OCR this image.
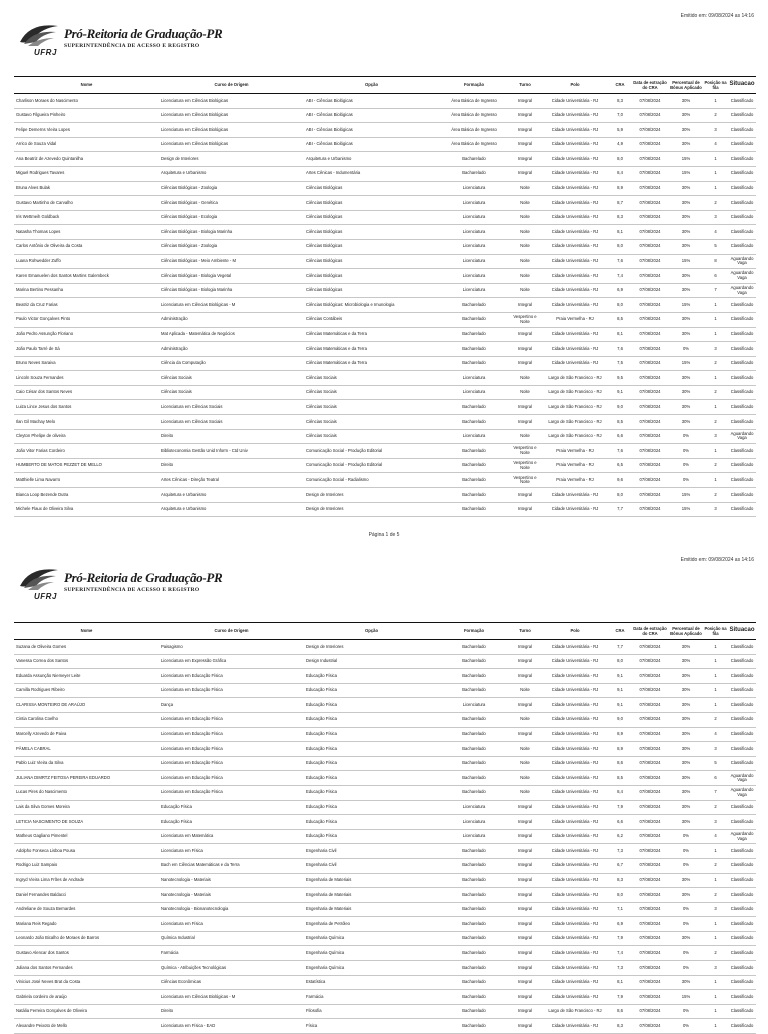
Emitido em: 09/08/2024 as 14:16
UFRJ
Pró-Reitoria de Graduação-PR
SUPERINTENDÊNCIA DE ACESSO E REGISTRO
Nome	Curso de Origem	Opção	Formação	Turno	Polo	CRA	Data de extração do CRA	Percentual de Bônus Aplicado	Posição na fila	Situacao
Charlison Moraes do Nascimento	Licenciatura em Ciências Biológicas	ABI - Ciências Biológicas	Área Básica de Ingresso	Integral	Cidade Universitária - RJ	8,3	07/08/2024	30%	1	Classificado
Gustavo Filgueira Pinheiro	Licenciatura em Ciências Biológicas	ABI - Ciências Biológicas	Área Básica de Ingresso	Integral	Cidade Universitária - RJ	7,0	07/08/2024	30%	2	Classificado
Felipe Demerns Vieira Lopes	Licenciatura em Ciências Biológicas	ABI - Ciências Biológicas	Área Básica de Ingresso	Integral	Cidade Universitária - RJ	5,9	07/08/2024	30%	3	Classificado
Arrico de Souza Vidal	Licenciatura em Ciências Biológicas	ABI - Ciências Biológicas	Área Básica de Ingresso	Integral	Cidade Universitária - RJ	4,9	07/08/2024	30%	4	Classificado
Ana Beatriz de Azevedo Quintanilha	Design de Interiores	Arquitetura e Urbanismo	Bacharelado	Integral	Cidade Universitária - RJ	8,0	07/08/2024	15%	1	Classificado
Miguel Rodrigues Tavares	Arquitetura e Urbanismo	Artes Cênicas - Indumentária	Bacharelado	Integral	Cidade Universitária - RJ	8,4	07/08/2024	15%	1	Classificado
Bruna Alves Bulak	Ciências Biológicas - Zoologia	Ciências Biológicas	Licenciatura	Noite	Cidade Universitária - RJ	8,9	07/08/2024	30%	1	Classificado
Gustavo Martinho de Carvalho	Ciências Biológicas - Genética	Ciências Biológicas	Licenciatura	Noite	Cidade Universitária - RJ	8,7	07/08/2024	30%	2	Classificado
Iris Wettmeih Goldback	Ciências Biológicas - Ecologia	Ciências Biológicas	Licenciatura	Noite	Cidade Universitária - RJ	8,3	07/08/2024	30%	3	Classificado
Natasha Thomas Lopes	Ciências Biológicas - Biologia Marinha	Ciências Biológicas	Licenciatura	Noite	Cidade Universitária - RJ	8,1	07/08/2024	30%	4	Classificado
Carlos Antônio de Oliveira da Costa	Ciências Biológicas - Zoologia	Ciências Biológicas	Licenciatura	Noite	Cidade Universitária - RJ	8,0	07/08/2024	30%	5	Classificado
Luana Rohwedder Zuffo	Ciências Biológicas - Meio Ambiente - M	Ciências Biológicas	Licenciatura	Noite	Cidade Universitária - RJ	7,6	07/08/2024	15%	8	Aguardando Vaga
Karen Emanuelen dos Santos Martins Galembeck	Ciências Biológicas - Biologia Vegetal	Ciências Biológicas	Licenciatura	Noite	Cidade Universitária - RJ	7,4	07/08/2024	30%	6	Aguardando Vaga
Marina Bertino Pessanha	Ciências Biológicas - Biologia Marinha	Ciências Biológicas	Licenciatura	Noite	Cidade Universitária - RJ	6,9	07/08/2024	30%	7	Aguardando Vaga
Beatriz da Cruz Farias	Licenciatura em Ciências Biológicas - M	Ciências Biológicas: Microbiologia e Imunologia	Bacharelado	Integral	Cidade Universitária - RJ	8,0	07/08/2024	15%	1	Classificado
Paulo Victor Gonçalves Pinto	Administração	Ciências Contábeis	Bacharelado	Vespertino e Noite	Praia Vermelha - RJ	8,5	07/08/2024	30%	1	Classificado
João Pedro Assunção Floriano	Mat Aplicada - Matemática de Negócios	Ciências Matemáticas e da Terra	Bacharelado	Integral	Cidade Universitária - RJ	8,1	07/08/2024	30%	1	Classificado
João Paulo Tarré de Sá	Administração	Ciências Matemáticas e da Terra	Bacharelado	Integral	Cidade Universitária - RJ	7,6	07/08/2024	0%	3	Classificado
Bruno Neves Saraiva	Ciência da Computação	Ciências Matemáticas e da Terra	Bacharelado	Integral	Cidade Universitária - RJ	7,5	07/08/2024	15%	2	Classificado
Lincoln Souza Fernandes	Ciências Sociais	Ciências Sociais	Licenciatura	Noite	Largo de São Francisco - RJ	9,5	07/08/2024	30%	1	Classificado
Caio César dos Santos Neves	Ciências Sociais	Ciências Sociais	Licenciatura	Noite	Largo de São Francisco - RJ	9,1	07/08/2024	30%	2	Classificado
Luiza Lince Jesus dos Santos	Licenciatura em Ciências Sociais	Ciências Sociais	Bacharelado	Integral	Largo de São Francisco - RJ	9,0	07/08/2024	30%	1	Classificado
Ilan Gil Machay Melo	Licenciatura em Ciências Sociais	Ciências Sociais	Bacharelado	Integral	Largo de São Francisco - RJ	8,5	07/08/2024	30%	2	Classificado
Cleyton Phelipe de oliveira	Direito	Ciências Sociais	Licenciatura	Noite	Largo de São Francisco - RJ	6,6	07/08/2024	0%	3	Aguardando Vaga
João Vitor Farias Cordeiro	Biblioteconomia Gestão Unid Inform - Ctd Univ	Comunicação Social - Produção Editorial	Bacharelado	Vespertino e Noite	Praia Vermelha - RJ	7,6	07/08/2024	0%	1	Classificado
HUMBERTO DE MATOS PEZZET DE MELLO	Direito	Comunicação Social - Produção Editorial	Bacharelado	Vespertino e Noite	Praia Vermelha - RJ	6,5	07/08/2024	0%	2	Classificado
Matthielle Lima Navarro	Artes Cênicas - Direção Teatral	Comunicação Social - Radialismo	Bacharelado	Vespertino e Noite	Praia Vermelha - RJ	9,6	07/08/2024	0%	1	Classificado
Bianca Loop Bezende Dutra	Arquitetura e Urbanismo	Design de Interiores	Bacharelado	Integral	Cidade Universitária - RJ	8,0	07/08/2024	15%	2	Classificado
Michele Flaux de Oliveira Silva	Arquitetura e Urbanismo	Design de Interiores	Bacharelado	Integral	Cidade Universitária - RJ	7,7	07/08/2024	15%	3	Classificado
Página 1 de 5
Emitido em: 09/08/2024 as 14:16
UFRJ
Pró-Reitoria de Graduação-PR
SUPERINTENDÊNCIA DE ACESSO E REGISTRO
Nome	Curso de Origem	Opção	Formação	Turno	Polo	CRA	Data de extração do CRA	Percentual de Bônus Aplicado	Posição na fila	Situacao
Suzana de Oliveira Gomes	Paisagismo	Design de Interiores	Bacharelado	Integral	Cidade Universitária - RJ	7,7	07/08/2024	30%	1	Classificado
Vanessa Correa dos Santos	Licenciatura em Expressão Gráfica	Design Industrial	Bacharelado	Integral	Cidade Universitária - RJ	8,0	07/08/2024	30%	1	Classificado
Eduarda Assunção Niemeyer Leite	Licenciatura em Educação Física	Educação Física	Bacharelado	Integral	Cidade Universitária - RJ	9,1	07/08/2024	30%	1	Classificado
Camilla Rodrigues Ribeiro	Licenciatura em Educação Física	Educação Física	Bacharelado	Noite	Cidade Universitária - RJ	9,1	07/08/2024	30%	1	Classificado
CLARISSA MONTEIRO DE ARAÚJO	Dança	Educação Física	Licenciatura	Integral	Cidade Universitária - RJ	9,1	07/08/2024	30%	1	Classificado
Cintia Carolina Coelho	Licenciatura em Educação Física	Educação Física	Bacharelado	Noite	Cidade Universitária - RJ	9,0	07/08/2024	30%	2	Classificado
Marcelly Azevedo de Paiva	Licenciatura em Educação Física	Educação Física	Bacharelado	Integral	Cidade Universitária - RJ	8,9	07/08/2024	30%	4	Classificado
PÂMELA CABRAL	Licenciatura em Educação Física	Educação Física	Bacharelado	Noite	Cidade Universitária - RJ	8,9	07/08/2024	30%	3	Classificado
Pablo Luiz Vieira da Silva	Licenciatura em Educação Física	Educação Física	Bacharelado	Noite	Cidade Universitária - RJ	8,6	07/08/2024	30%	5	Classificado
JULIANA DIMRTZ FEITOSA PEREIRA EDUARDO	Licenciatura em Educação Física	Educação Física	Bacharelado	Noite	Cidade Universitária - RJ	8,5	07/08/2024	30%	6	Aguardando Vaga
Lucas Pires do Nascimento	Licenciatura em Educação Física	Educação Física	Bacharelado	Noite	Cidade Universitária - RJ	8,4	07/08/2024	30%	7	Aguardando Vaga
Lais da Silva Gomes Moreira	Educação Física	Educação Física	Licenciatura	Integral	Cidade Universitária - RJ	7,9	07/08/2024	30%	2	Classificado
LETICIA NASCIMENTO DE SOUZA	Educação Física	Educação Física	Licenciatura	Integral	Cidade Universitária - RJ	6,6	07/08/2024	30%	3	Classificado
Matheus Gagliano Pimentel	Licenciatura em Matemática	Educação Física	Licenciatura	Integral	Cidade Universitária - RJ	6,2	07/08/2024	0%	4	Aguardando Vaga
Adolpho Fonseca Lisboa Pousa	Licenciatura em Física	Engenharia Civil	Bacharelado	Integral	Cidade Universitária - RJ	7,3	07/08/2024	0%	1	Classificado
Rodrigo Luiz Sampaio	Bach em Ciências Matemáticas e da Terra	Engenharia Civil	Bacharelado	Integral	Cidade Universitária - RJ	6,7	07/08/2024	0%	2	Classificado
Ingryd Vieira Lima Frões de Andrade	Nanotecnologia - Materiais	Engenharia de Materiais	Bacharelado	Integral	Cidade Universitária - RJ	8,3	07/08/2024	30%	1	Classificado
Daniel Fernandes Baldacci	Nanotecnologia - Materiais	Engenharia de Materiais	Bacharelado	Integral	Cidade Universitária - RJ	8,0	07/08/2024	30%	2	Classificado
Andreliane de Souza Bernardes	Nanotecnologia - Bionanotecnologia	Engenharia de Materiais	Bacharelado	Integral	Cidade Universitária - RJ	7,1	07/08/2024	0%	3	Classificado
Mariana Reis Regado	Licenciatura em Física	Engenharia de Petróleo	Bacharelado	Integral	Cidade Universitária - RJ	6,9	07/08/2024	0%	1	Classificado
Leonardo João Bicalho de Moraes de Barros	Química Industrial	Engenharia Química	Bacharelado	Integral	Cidade Universitária - RJ	7,9	07/08/2024	30%	1	Classificado
Gustavo Alencar dos Santos	Farmácia	Engenharia Química	Bacharelado	Integral	Cidade Universitária - RJ	7,4	07/08/2024	0%	2	Classificado
Juliana dos Santos Fernandes	Química - Atribuições Tecnológicas	Engenharia Química	Bacharelado	Integral	Cidade Universitária - RJ	7,3	07/08/2024	0%	3	Classificado
Vinicius José Neves Brat da Costa	Ciências Econômicas	Estatística	Bacharelado	Integral	Cidade Universitária - RJ	8,1	07/08/2024	30%	1	Classificado
Gabriela cordeiro de araújo	Licenciatura em Ciências Biológicas - M	Farmácia	Bacharelado	Integral	Cidade Universitária - RJ	7,9	07/08/2024	15%	1	Classificado
Natália Ferreira Gonçalves de Oliveira	Direito	Filosofia	Bacharelado	Integral	Largo de São Francisco - RJ	8,6	07/08/2024	0%	1	Classificado
Alexandre Peixoto de Mello	Licenciatura em Física - EAD	Física	Bacharelado	Integral	Cidade Universitária - RJ	8,3	07/08/2024	0%	1	Classificado
